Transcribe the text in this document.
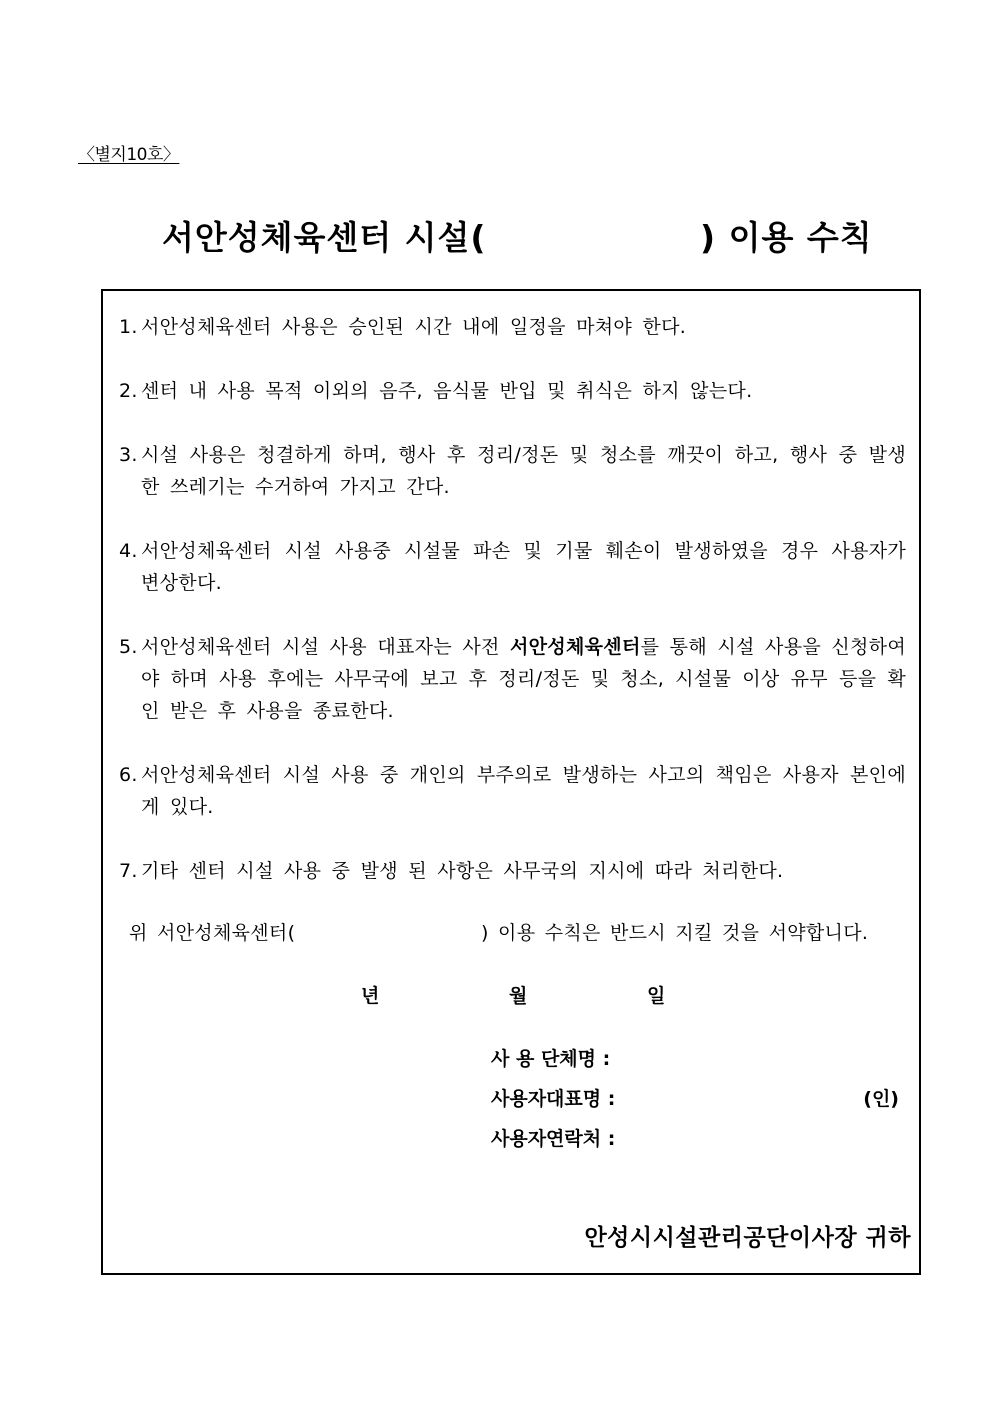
〈별지10호〉
서안성체육센터 시설(	) 이용 수칙
1. 서안성체육센터 사용은 승인된 시간 내에 일정을 마쳐야 한다.
2. 센터 내 사용 목적 이외의 음주, 음식물 반입 및 취식은 하지 않는다.
3. 시설 사용은 청결하게 하며, 행사 후 정리/정돈 및 청소를 깨끗이 하고, 행사 중 발생한 쓰레기는 수거하여 가지고 간다.
4. 서안성체육센터 시설 사용중 시설물 파손 및 기물 훼손이 발생하였을 경우 사용자가 변상한다.
5. 서안성체육센터 시설 사용 대표자는 사전 서안성체육센터를 통해 시설 사용을 신청하여야 하며 사용 후에는 사무국에 보고 후 정리/정돈 및 청소, 시설물 이상 유무 등을 확인 받은 후 사용을 종료한다.
6. 서안성체육센터 시설 사용 중 개인의 부주의로 발생하는 사고의 책임은 사용자 본인에게 있다.
7. 기타 센터 시설 사용 중 발생 된 사항은 사무국의 지시에 따라 처리한다.
위 서안성체육센터(	) 이용 수칙은 반드시 지킬 것을 서약합니다.
년	월	일
사 용 단체명 :
사용자대표명 :	(인)
사용자연락처 :
안성시시설관리공단이사장 귀하
